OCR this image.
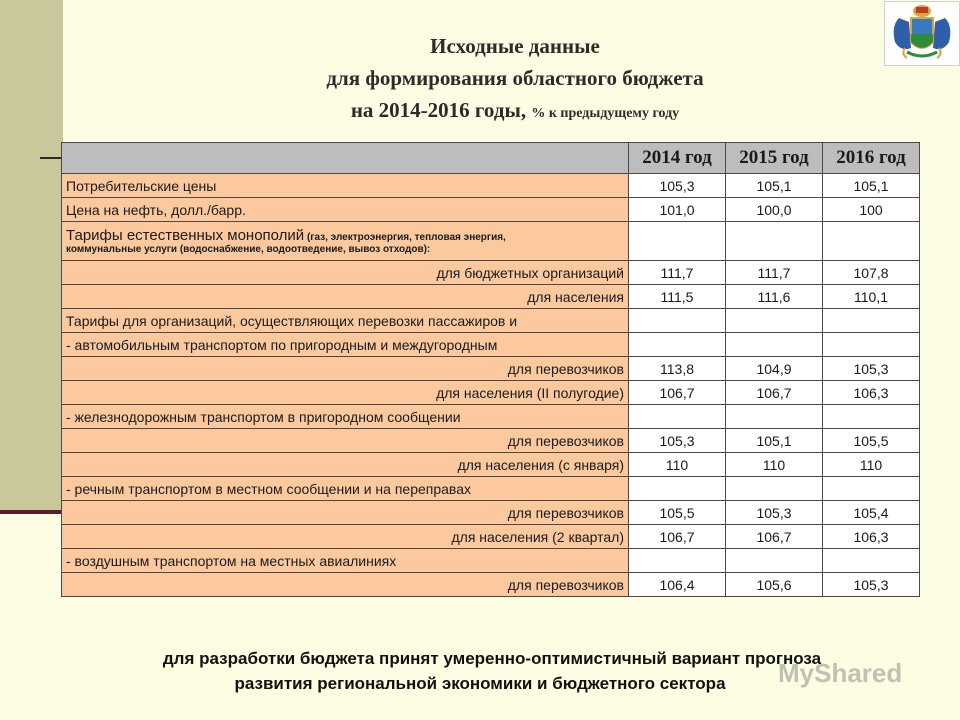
Исходные данные
для формирования областного бюджета
на 2014-2016 годы, % к предыдущему году
	2014 год	2015 год	2016 год
Потребительские цены	105,3	105,1	105,1
Цена на нефть, долл./барр.	101,0	100,0	100

Тарифы естественных монополий (газ, электроэнергия, тепловая энергия,
коммунальные услуги (водоснабжение, водоотведение, вывоз отходов):			

для бюджетных организаций	111,7	111,7	107,8
для населения	111,5	111,6	110,1
Тарифы для организаций, осуществляющих перевозки пассажиров и			
- автомобильным транспортом по пригородным и междугородным			
для перевозчиков	113,8	104,9	105,3
для населения (II полугодие)	106,7	106,7	106,3
- железнодорожным транспортом в пригородном сообщении			
для перевозчиков	105,3	105,1	105,5
для населения (с января)	110	110	110
- речным транспортом в местном сообщении и на переправах			
для перевозчиков	105,5	105,3	105,4
для населения (2 квартал)	106,7	106,7	106,3
- воздушным транспортом на местных авиалиниях			
для перевозчиков	106,4	105,6	105,3
для разработки бюджета принят умеренно-оптимистичный вариант прогноза
развития региональной экономики и бюджетного сектора	MyShared
